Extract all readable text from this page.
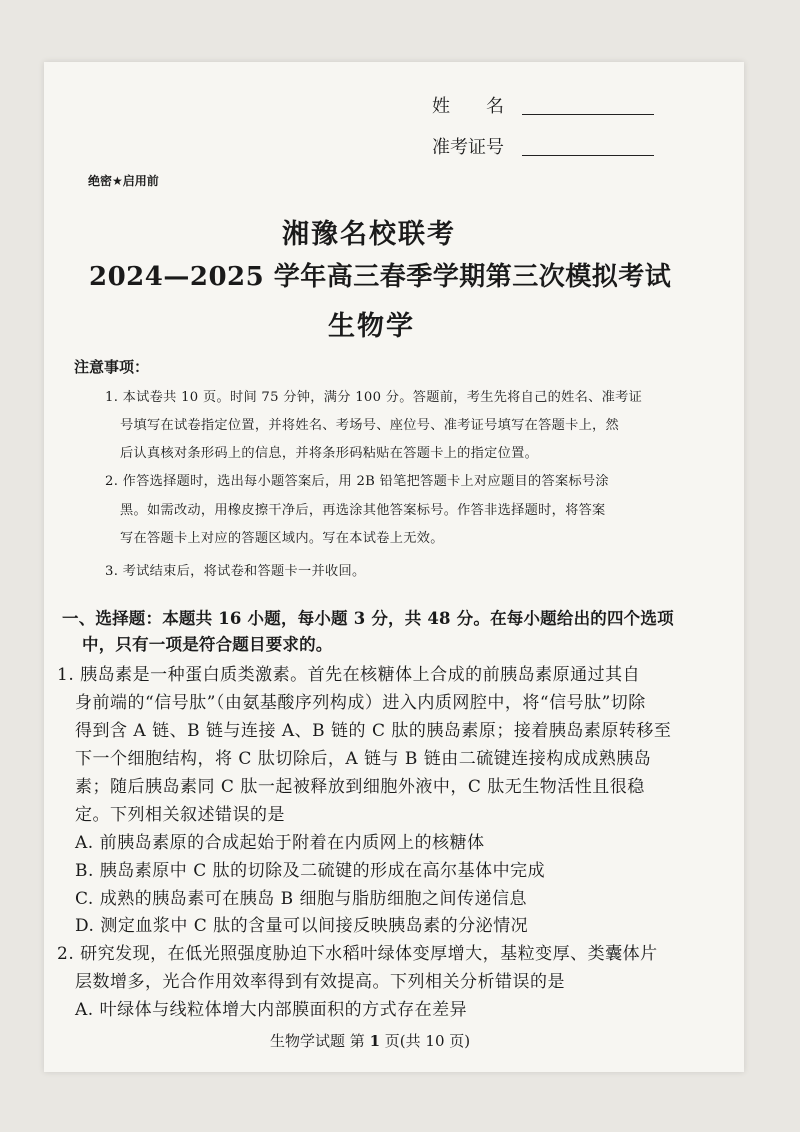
姓　　名
准考证号
绝密★启用前
湘豫名校联考
2024—2025 学年高三春季学期第三次模拟考试
生物学
注意事项：
1. 本试卷共 10 页。时间 75 分钟，满分 100 分。答题前，考生先将自己的姓名、准考证
号填写在试卷指定位置，并将姓名、考场号、座位号、准考证号填写在答题卡上，然
后认真核对条形码上的信息，并将条形码粘贴在答题卡上的指定位置。
2. 作答选择题时，选出每小题答案后，用 2B 铅笔把答题卡上对应题目的答案标号涂
黑。如需改动，用橡皮擦干净后，再选涂其他答案标号。作答非选择题时，将答案
写在答题卡上对应的答题区域内。写在本试卷上无效。
3. 考试结束后，将试卷和答题卡一并收回。
一、选择题：本题共 16 小题，每小题 3 分，共 48 分。在每小题给出的四个选项
中，只有一项是符合题目要求的。
1. 胰岛素是一种蛋白质类激素。首先在核糖体上合成的前胰岛素原通过其自
身前端的“信号肽”（由氨基酸序列构成）进入内质网腔中，将“信号肽”切除
得到含 A 链、B 链与连接 A、B 链的 C 肽的胰岛素原；接着胰岛素原转移至
下一个细胞结构，将 C 肽切除后，A 链与 B 链由二硫键连接构成成熟胰岛
素；随后胰岛素同 C 肽一起被释放到细胞外液中，C 肽无生物活性且很稳
定。下列相关叙述错误的是
A. 前胰岛素原的合成起始于附着在内质网上的核糖体
B. 胰岛素原中 C 肽的切除及二硫键的形成在高尔基体中完成
C. 成熟的胰岛素可在胰岛 B 细胞与脂肪细胞之间传递信息
D. 测定血浆中 C 肽的含量可以间接反映胰岛素的分泌情况
2. 研究发现，在低光照强度胁迫下水稻叶绿体变厚增大，基粒变厚、类囊体片
层数增多，光合作用效率得到有效提高。下列相关分析错误的是
A. 叶绿体与线粒体增大内部膜面积的方式存在差异
生物学试题 第 1 页(共 10 页)
